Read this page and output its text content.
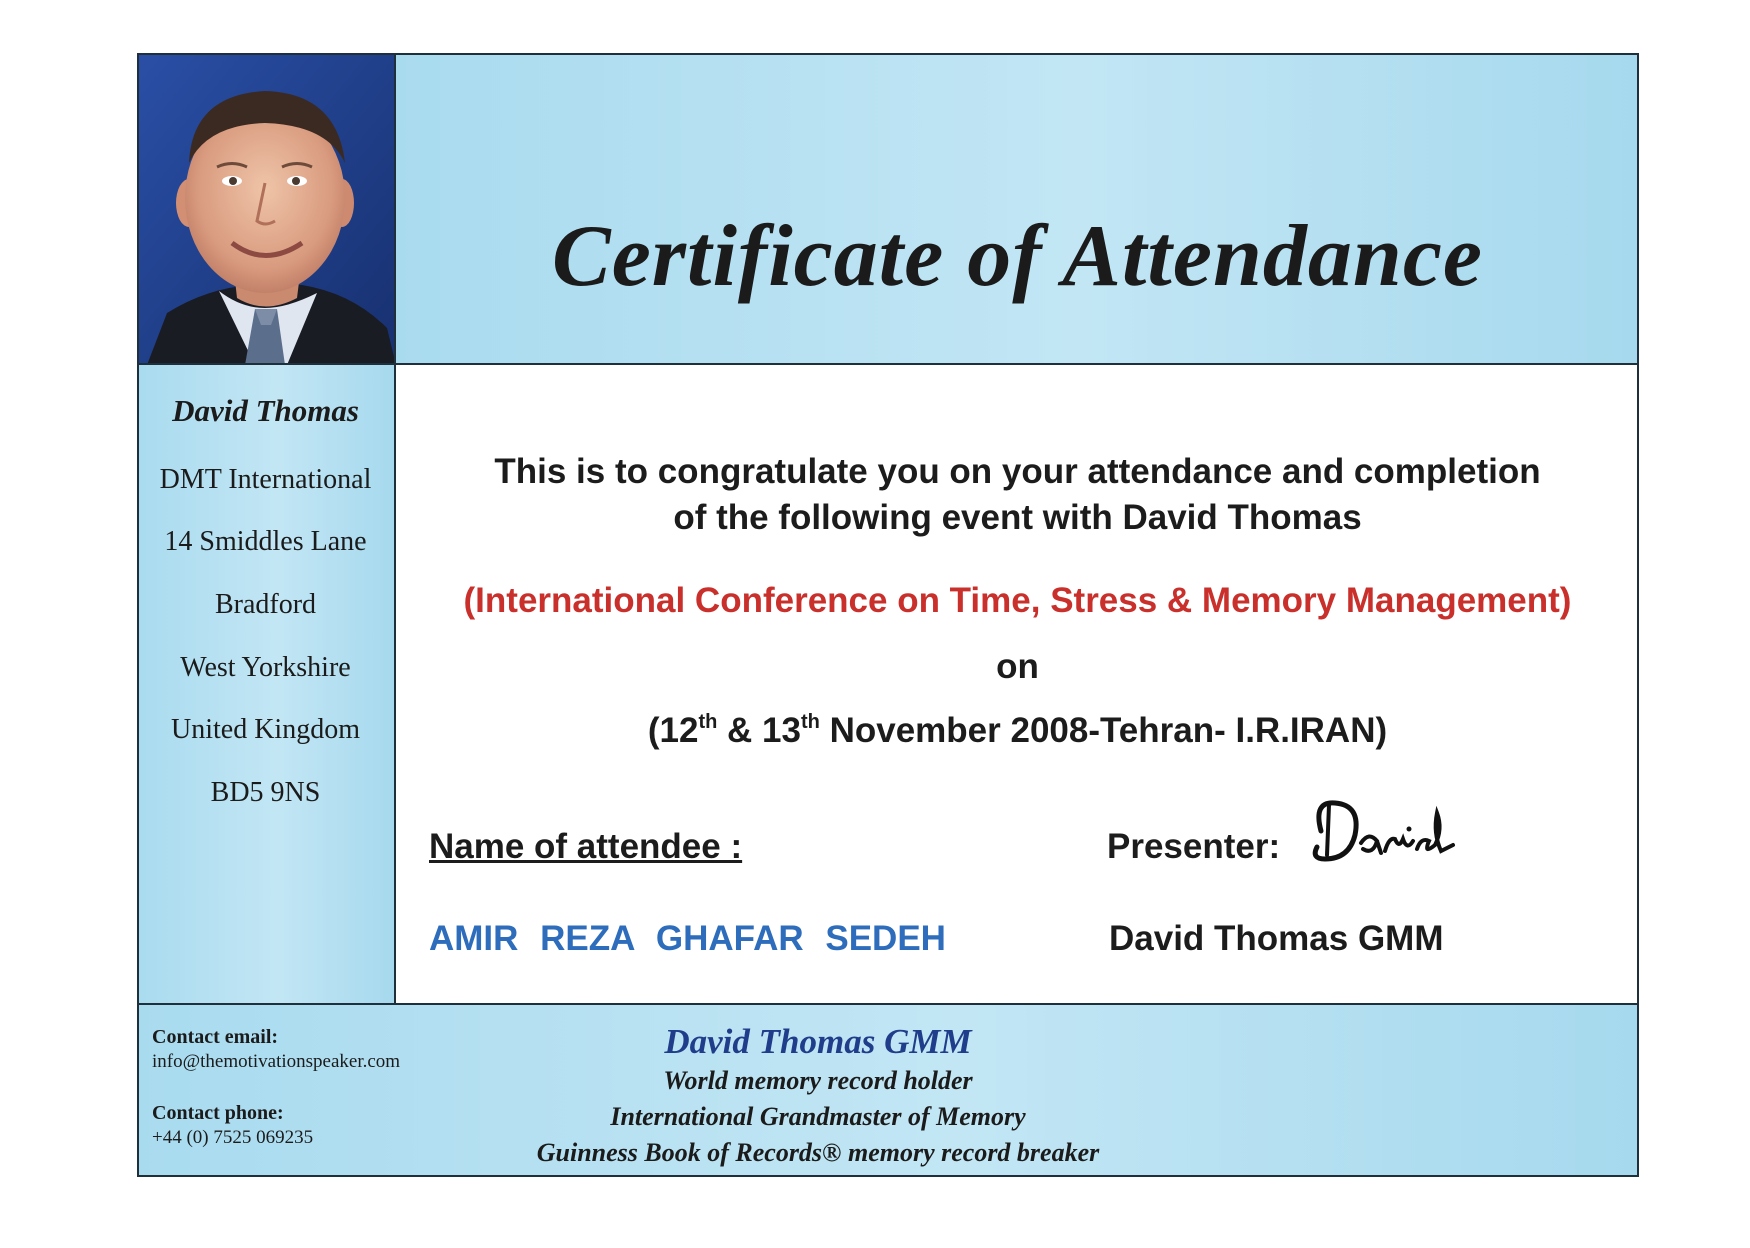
Certificate of Attendance
David Thomas
DMT International
14 Smiddles Lane
Bradford
West Yorkshire
United Kingdom
BD5 9NS
This is to congratulate you on your attendance and completion
of the following event with David Thomas
(International Conference on Time, Stress & Memory Management)
on
(12th & 13th November 2008-Tehran- I.R.IRAN)
Name of attendee :
AMIR REZA GHAFAR SEDEH
Presenter:
David Thomas GMM
Contact email:
info@themotivationspeaker.com
Contact phone:
+44 (0) 7525 069235
David Thomas GMM
World memory record holder
International Grandmaster of Memory
Guinness Book of Records® memory record breaker
